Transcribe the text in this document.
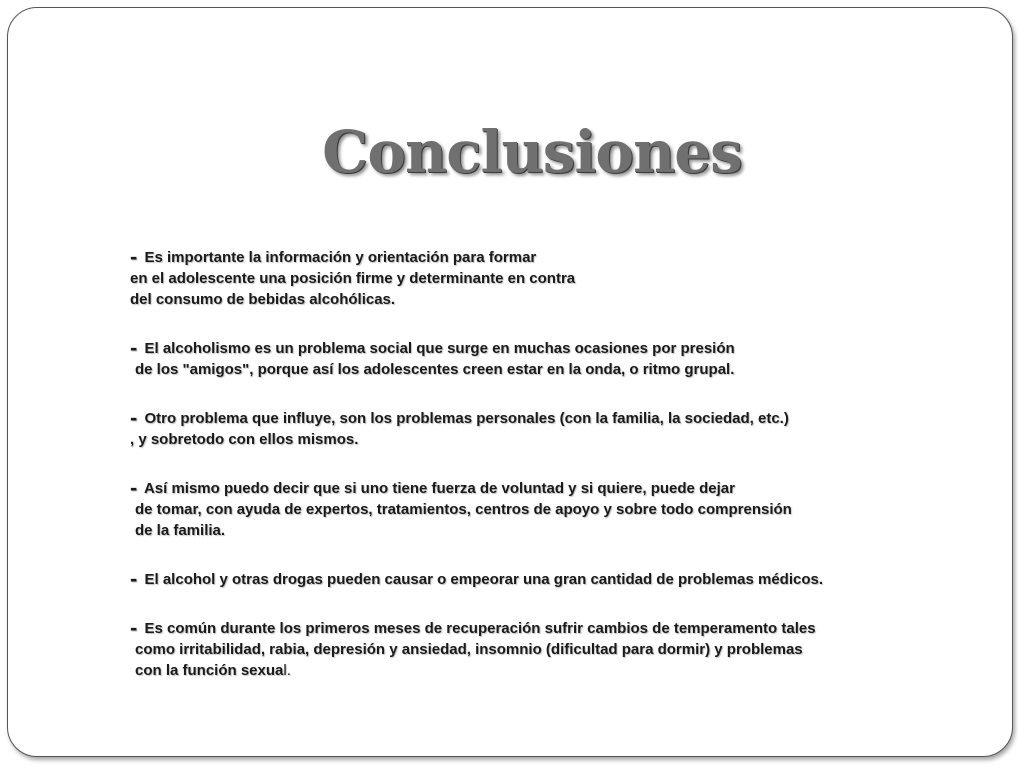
Conclusiones

- Es importante la información y orientación para formar
en el adolescente una posición firme y determinante en contra
del consumo de bebidas alcohólicas.

- El alcoholismo es un problema social que surge en muchas ocasiones por presión
de los "amigos", porque así los adolescentes creen estar en la onda, o ritmo grupal.

- Otro problema que influye, son los problemas personales (con la familia, la sociedad, etc.)
, y sobretodo con ellos mismos.

- Así mismo puedo decir que si uno tiene fuerza de voluntad y si quiere, puede dejar
de tomar, con ayuda de expertos, tratamientos, centros de apoyo y sobre todo comprensión
de la familia.

- El alcohol y otras drogas pueden causar o empeorar una gran cantidad de problemas médicos.

- Es común durante los primeros meses de recuperación sufrir cambios de temperamento tales
como irritabilidad, rabia, depresión y ansiedad, insomnio (dificultad para dormir) y problemas
con la función sexual.
